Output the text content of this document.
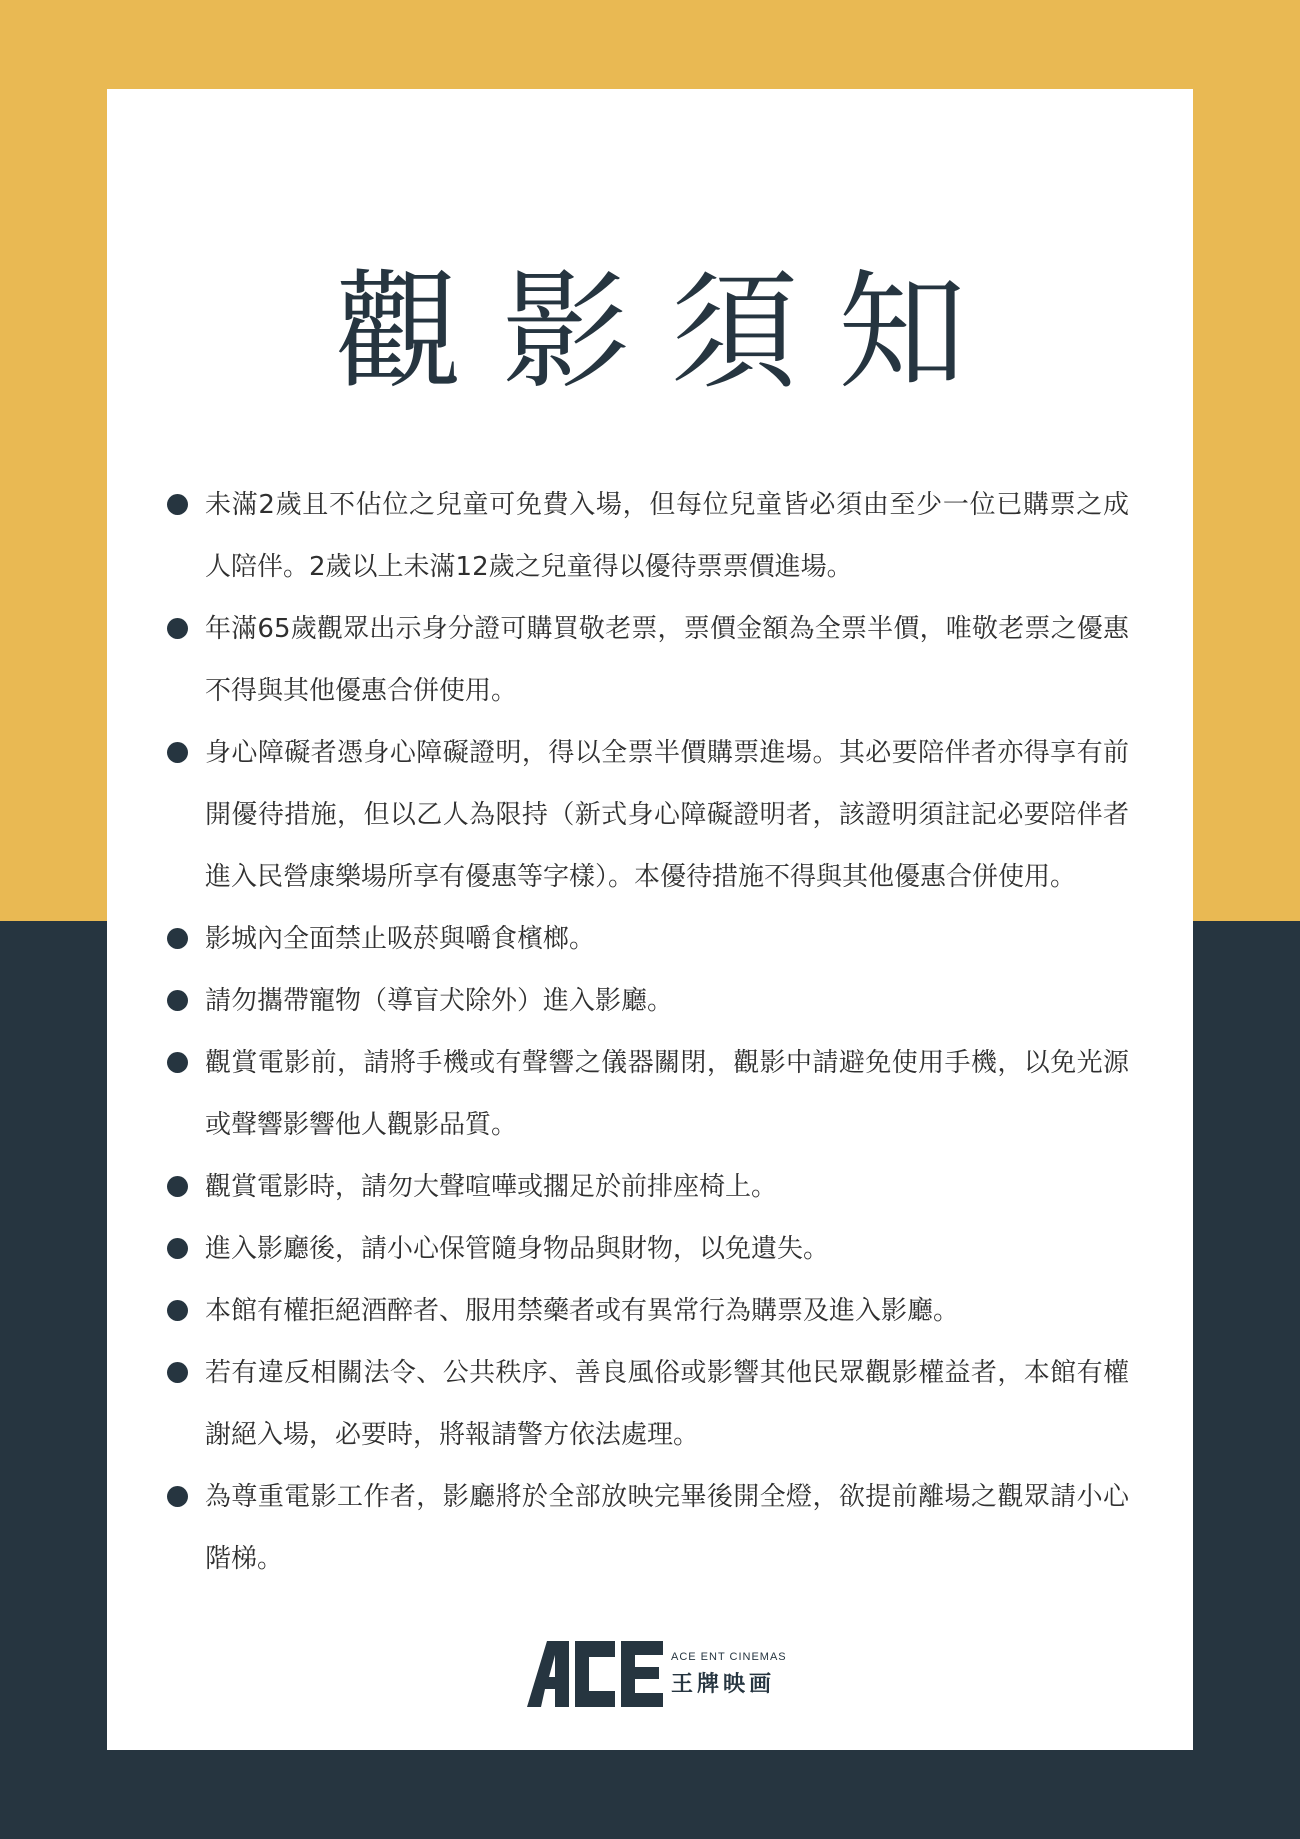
觀影須知
未滿2歲且不佔位之兒童可免費入場，但每位兒童皆必須由至少一位已購票之成人陪伴。2歲以上未滿12歲之兒童得以優待票票價進場。
年滿65歲觀眾出示身分證可購買敬老票，票價金額為全票半價，唯敬老票之優惠不得與其他優惠合併使用。
身心障礙者憑身心障礙證明，得以全票半價購票進場。其必要陪伴者亦得享有前開優待措施，但以乙人為限持（新式身心障礙證明者，該證明須註記必要陪伴者進入民營康樂場所享有優惠等字樣）。本優待措施不得與其他優惠合併使用。
影城內全面禁止吸菸與嚼食檳榔。
請勿攜帶寵物（導盲犬除外）進入影廳。
觀賞電影前，請將手機或有聲響之儀器關閉，觀影中請避免使用手機，以免光源或聲響影響他人觀影品質。
觀賞電影時，請勿大聲喧嘩或擱足於前排座椅上。
進入影廳後，請小心保管隨身物品與財物，以免遺失。
本館有權拒絕酒醉者、服用禁藥者或有異常行為購票及進入影廳。
若有違反相關法令、公共秩序、善良風俗或影響其他民眾觀影權益者，本館有權謝絕入場，必要時，將報請警方依法處理。
為尊重電影工作者，影廳將於全部放映完畢後開全燈，欲提前離場之觀眾請小心階梯。
ACE ENT CINEMAS
王牌映画
